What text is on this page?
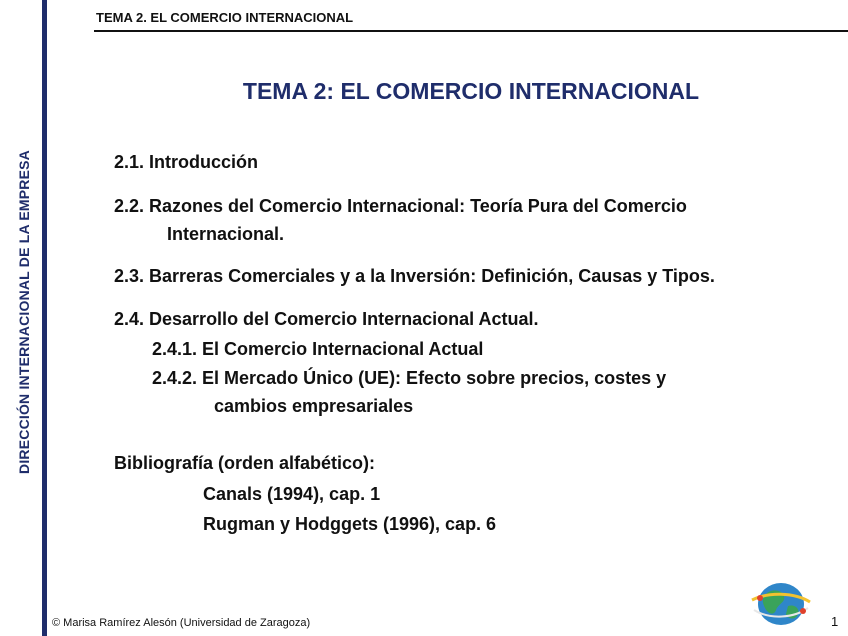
DIRECCIÓN INTERNACIONAL DE LA EMPRESA
TEMA 2. EL COMERCIO INTERNACIONAL
TEMA 2: EL COMERCIO INTERNACIONAL
2.1. Introducción
2.2. Razones del Comercio Internacional: Teoría Pura del Comercio
Internacional.
2.3. Barreras Comerciales y a la Inversión: Definición, Causas y Tipos.
2.4. Desarrollo del Comercio Internacional Actual.
2.4.1. El Comercio Internacional Actual
2.4.2. El Mercado Único (UE): Efecto sobre precios, costes y
cambios empresariales
Bibliografía (orden alfabético):
Canals (1994), cap. 1
Rugman y Hodggets (1996), cap. 6
© Marisa Ramírez Alesón (Universidad de Zaragoza)	1
